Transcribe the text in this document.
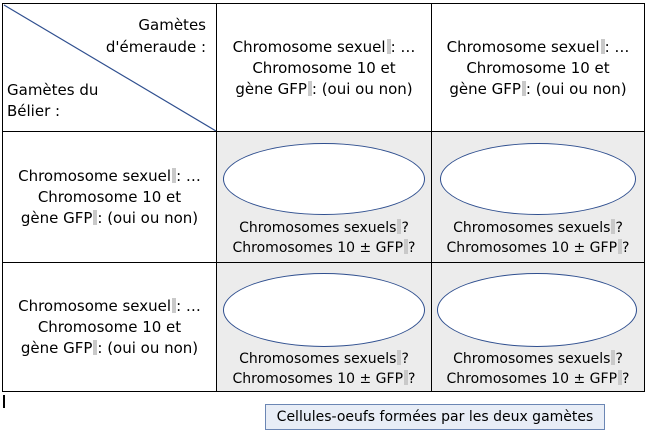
Gamètes
d'émeraude :
Gamètes du
Bélier :
Chromosome sexuel : …
Chromosome 10 et
gène GFP : (oui ou non)
Chromosome sexuel : …
Chromosome 10 et
gène GFP : (oui ou non)
Chromosome sexuel : …
Chromosome 10 et
gène GFP : (oui ou non)
Chromosome sexuel : …
Chromosome 10 et
gène GFP : (oui ou non)
Chromosomes sexuels ?
Chromosomes 10 ± GFP ?
Chromosomes sexuels ?
Chromosomes 10 ± GFP ?
Chromosomes sexuels ?
Chromosomes 10 ± GFP ?
Chromosomes sexuels ?
Chromosomes 10 ± GFP ?
Cellules-oeufs formées par les deux gamètes
